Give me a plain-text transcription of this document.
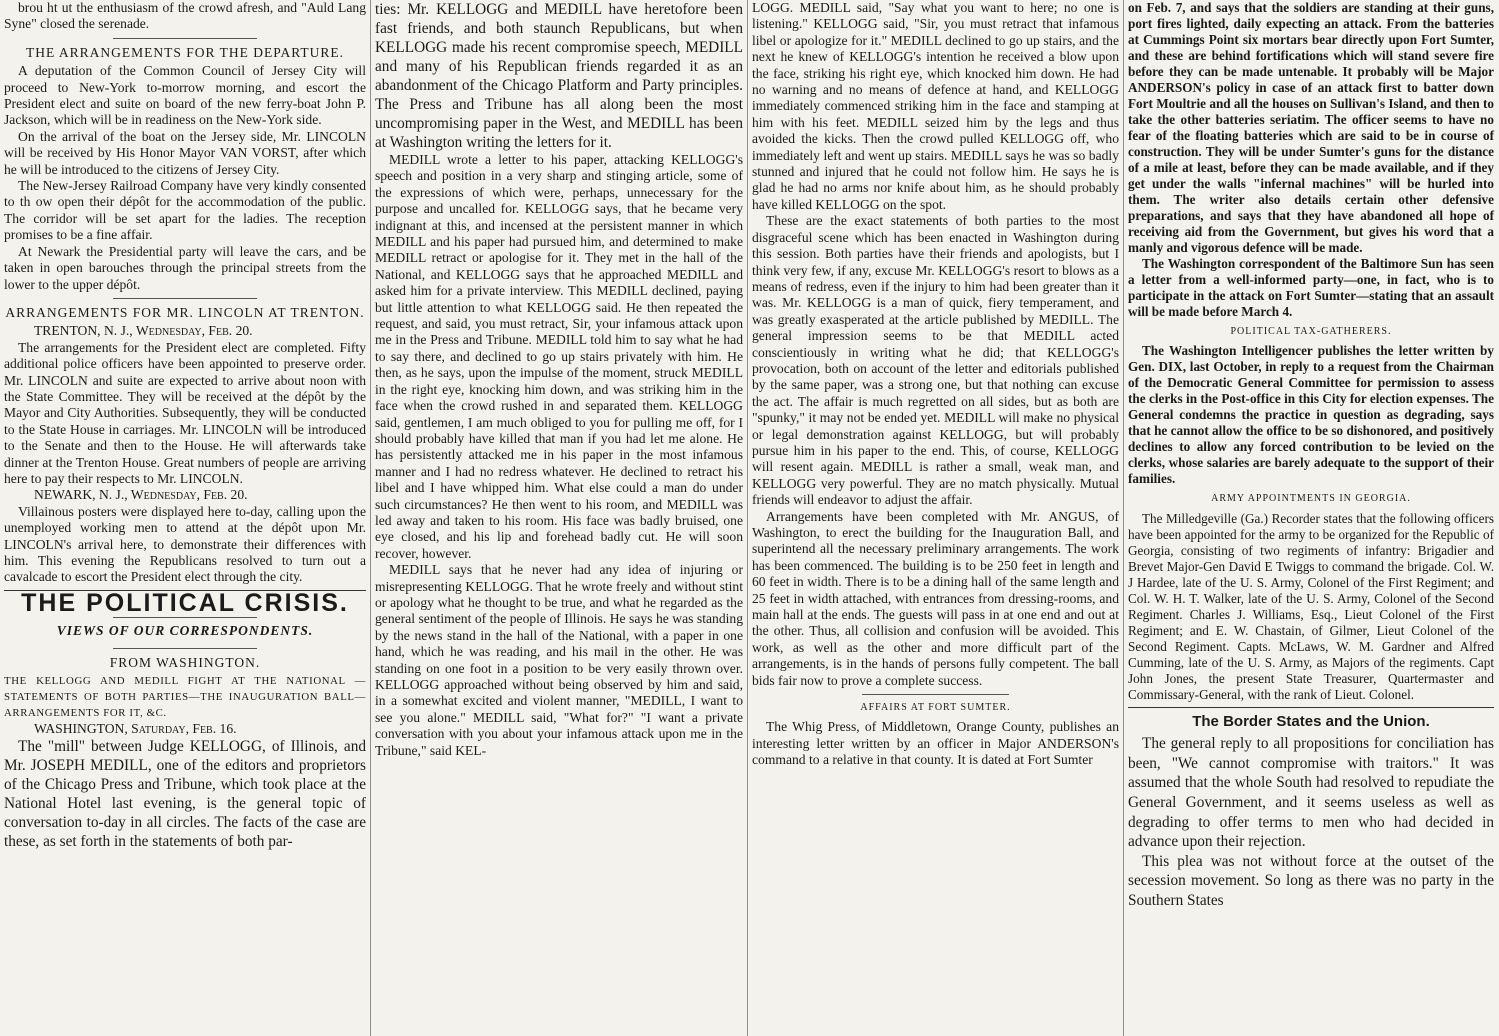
brou ht ut the enthusiasm of the crowd afresh, and "Auld Lang Syne" closed the serenade.

THE ARRANGEMENTS FOR THE DEPARTURE.

A deputation of the Common Council of Jersey City will proceed to New-York to-morrow morning, and escort the President elect and suite on board of the new ferry-boat John P. Jackson, which will be in readiness on the New-York side.

On the arrival of the boat on the Jersey side, Mr. LINCOLN will be received by His Honor Mayor VAN VORST, after which he will be introduced to the citizens of Jersey City.

The New-Jersey Railroad Company have very kindly consented to th ow open their dépôt for the accommodation of the public. The corridor will be set apart for the ladies. The reception promises to be a fine affair.

At Newark the Presidential party will leave the cars, and be taken in open barouches through the principal streets from the lower to the upper dépôt.

ARRANGEMENTS FOR MR. LINCOLN AT TRENTON.

TRENTON, N. J., Wednesday, Feb. 20.

The arrangements for the President elect are completed. Fifty additional police officers have been appointed to preserve order. Mr. LINCOLN and suite are expected to arrive about noon with the State Committee. They will be received at the dépôt by the Mayor and City Authorities. Subsequently, they will be conducted to the State House in carriages. Mr. LINCOLN will be introduced to the Senate and then to the House. He will afterwards take dinner at the Trenton House. Great numbers of people are arriving here to pay their respects to Mr. LINCOLN.

NEWARK, N. J., Wednesday, Feb. 20.

Villainous posters were displayed here to-day, calling upon the unemployed working men to attend at the dépôt upon Mr. LINCOLN's arrival here, to demonstrate their differences with him. This evening the Republicans resolved to turn out a cavalcade to escort the President elect through the city.

THE POLITICAL CRISIS.
VIEWS OF OUR CORRESPONDENTS.
FROM WASHINGTON.

THE KELLOGG AND MEDILL FIGHT AT THE NATIONAL —STATEMENTS OF BOTH PARTIES—THE INAUGURATION BALL—ARRANGEMENTS FOR IT, &C.

WASHINGTON, Saturday, Feb. 16.

The "mill" between Judge KELLOGG, of Illinois, and Mr. JOSEPH MEDILL, one of the editors and proprietors of the Chicago Press and Tribune, which took place at the National Hotel last evening, is the general topic of conversation to-day in all circles. The facts of the case are these, as set forth in the statements of both par-

ties: Mr. KELLOGG and MEDILL have heretofore been fast friends, and both staunch Republicans, but when KELLOGG made his recent compromise speech, MEDILL and many of his Republican friends regarded it as an abandonment of the Chicago Platform and Party principles. The Press and Tribune has all along been the most uncompromising paper in the West, and MEDILL has been at Washington writing the letters for it.

MEDILL wrote a letter to his paper, attacking KELLOGG's speech and position in a very sharp and stinging article, some of the expressions of which were, perhaps, unnecessary for the purpose and uncalled for. KELLOGG says, that he became very indignant at this, and incensed at the persistent manner in which MEDILL and his paper had pursued him, and determined to make MEDILL retract or apologise for it. They met in the hall of the National, and KELLOGG says that he approached MEDILL and asked him for a private interview. This MEDILL declined, paying but little attention to what KELLOGG said. He then repeated the request, and said, you must retract, Sir, your infamous attack upon me in the Press and Tribune. MEDILL told him to say what he had to say there, and declined to go up stairs privately with him. He then, as he says, upon the impulse of the moment, struck MEDILL in the right eye, knocking him down, and was striking him in the face when the crowd rushed in and separated them. KELLOGG said, gentlemen, I am much obliged to you for pulling me off, for I should probably have killed that man if you had let me alone. He has persistently attacked me in his paper in the most infamous manner and I had no redress whatever. He declined to retract his libel and I have whipped him. What else could a man do under such circumstances? He then went to his room, and MEDILL was led away and taken to his room. His face was badly bruised, one eye closed, and his lip and forehead badly cut. He will soon recover, however.

MEDILL says that he never had any idea of injuring or misrepresenting KELLOGG. That he wrote freely and without stint or apology what he thought to be true, and what he regarded as the general sentiment of the people of Illinois. He says he was standing by the news stand in the hall of the National, with a paper in one hand, which he was reading, and his mail in the other. He was standing on one foot in a position to be very easily thrown over. KELLOGG approached without being observed by him and said, in a somewhat excited and violent manner, "MEDILL, I want to see you alone." MEDILL said, "What for?" "I want a private conversation with you about your infamous attack upon me in the Tribune," said KEL-

LOGG. MEDILL said, "Say what you want to here; no one is listening." KELLOGG said, "Sir, you must retract that infamous libel or apologize for it." MEDILL declined to go up stairs, and the next he knew of KELLOGG's intention he received a blow upon the face, striking his right eye, which knocked him down. He had no warning and no means of defence at hand, and KELLOGG immediately commenced striking him in the face and stamping at him with his feet. MEDILL seized him by the legs and thus avoided the kicks. Then the crowd pulled KELLOGG off, who immediately left and went up stairs. MEDILL says he was so badly stunned and injured that he could not follow him. He says he is glad he had no arms nor knife about him, as he should probably have killed KELLOGG on the spot.

These are the exact statements of both parties to the most disgraceful scene which has been enacted in Washington during this session. Both parties have their friends and apologists, but I think very few, if any, excuse Mr. KELLOGG's resort to blows as a means of redress, even if the injury to him had been greater than it was. Mr. KELLOGG is a man of quick, fiery temperament, and was greatly exasperated at the article published by MEDILL. The general impression seems to be that MEDILL acted conscientiously in writing what he did; that KELLOGG's provocation, both on account of the letter and editorials published by the same paper, was a strong one, but that nothing can excuse the act. The affair is much regretted on all sides, but as both are "spunky," it may not be ended yet. MEDILL will make no physical or legal demonstration against KELLOGG, but will probably pursue him in his paper to the end. This, of course, KELLOGG will resent again. MEDILL is rather a small, weak man, and KELLOGG very powerful. They are no match physically. Mutual friends will endeavor to adjust the affair.

Arrangements have been completed with Mr. ANGUS, of Washington, to erect the building for the Inauguration Ball, and superintend all the necessary preliminary arrangements. The work has been commenced. The building is to be 250 feet in length and 60 feet in width. There is to be a dining hall of the same length and 25 feet in width attached, with entrances from dressing-rooms, and main hall at the ends. The guests will pass in at one end and out at the other. Thus, all collision and confusion will be avoided. This work, as well as the other and more difficult part of the arrangements, is in the hands of persons fully competent. The ball bids fair now to prove a complete success.

AFFAIRS AT FORT SUMTER.

The Whig Press, of Middletown, Orange County, publishes an interesting letter written by an officer in Major ANDERSON's command to a relative in that county. It is dated at Fort Sumter

on Feb. 7, and says that the soldiers are standing at their guns, port fires lighted, daily expecting an attack. From the batteries at Cummings Point six mortars bear directly upon Fort Sumter, and these are behind fortifications which will stand severe fire before they can be made untenable. It probably will be Major ANDERSON's policy in case of an attack first to batter down Fort Moultrie and all the houses on Sullivan's Island, and then to take the other batteries seriatim. The officer seems to have no fear of the floating batteries which are said to be in course of construction. They will be under Sumter's guns for the distance of a mile at least, before they can be made available, and if they get under the walls "infernal machines" will be hurled into them. The writer also details certain other defensive preparations, and says that they have abandoned all hope of receiving aid from the Government, but gives his word that a manly and vigorous defence will be made.

The Washington correspondent of the Baltimore Sun has seen a letter from a well-informed party—one, in fact, who is to participate in the attack on Fort Sumter—stating that an assault will be made before March 4.

POLITICAL TAX-GATHERERS.

The Washington Intelligencer publishes the letter written by Gen. DIX, last October, in reply to a request from the Chairman of the Democratic General Committee for permission to assess the clerks in the Post-office in this City for election expenses. The General condemns the practice in question as degrading, says that he cannot allow the office to be so dishonored, and positively declines to allow any forced contribution to be levied on the clerks, whose salaries are barely adequate to the support of their families.

ARMY APPOINTMENTS IN GEORGIA.

The Milledgeville (Ga.) Recorder states that the following officers have been appointed for the army to be organized for the Republic of Georgia, consisting of two regiments of infantry: Brigadier and Brevet Major-Gen David E Twiggs to command the brigade. Col. W. J Hardee, late of the U. S. Army, Colonel of the First Regiment; and Col. W. H. T. Walker, late of the U. S. Army, Colonel of the Second Regiment. Charles J. Williams, Esq., Lieut Colonel of the First Regiment; and E. W. Chastain, of Gilmer, Lieut Colonel of the Second Regiment. Capts. McLaws, W. M. Gardner and Alfred Cumming, late of the U. S. Army, as Majors of the regiments. Capt John Jones, the present State Treasurer, Quartermaster and Commissary-General, with the rank of Lieut. Colonel.

The Border States and the Union.

The general reply to all propositions for conciliation has been, "We cannot compromise with traitors." It was assumed that the whole South had resolved to repudiate the General Government, and it seems useless as well as degrading to offer terms to men who had decided in advance upon their rejection.

This plea was not without force at the outset of the secession movement. So long as there was no party in the Southern States
